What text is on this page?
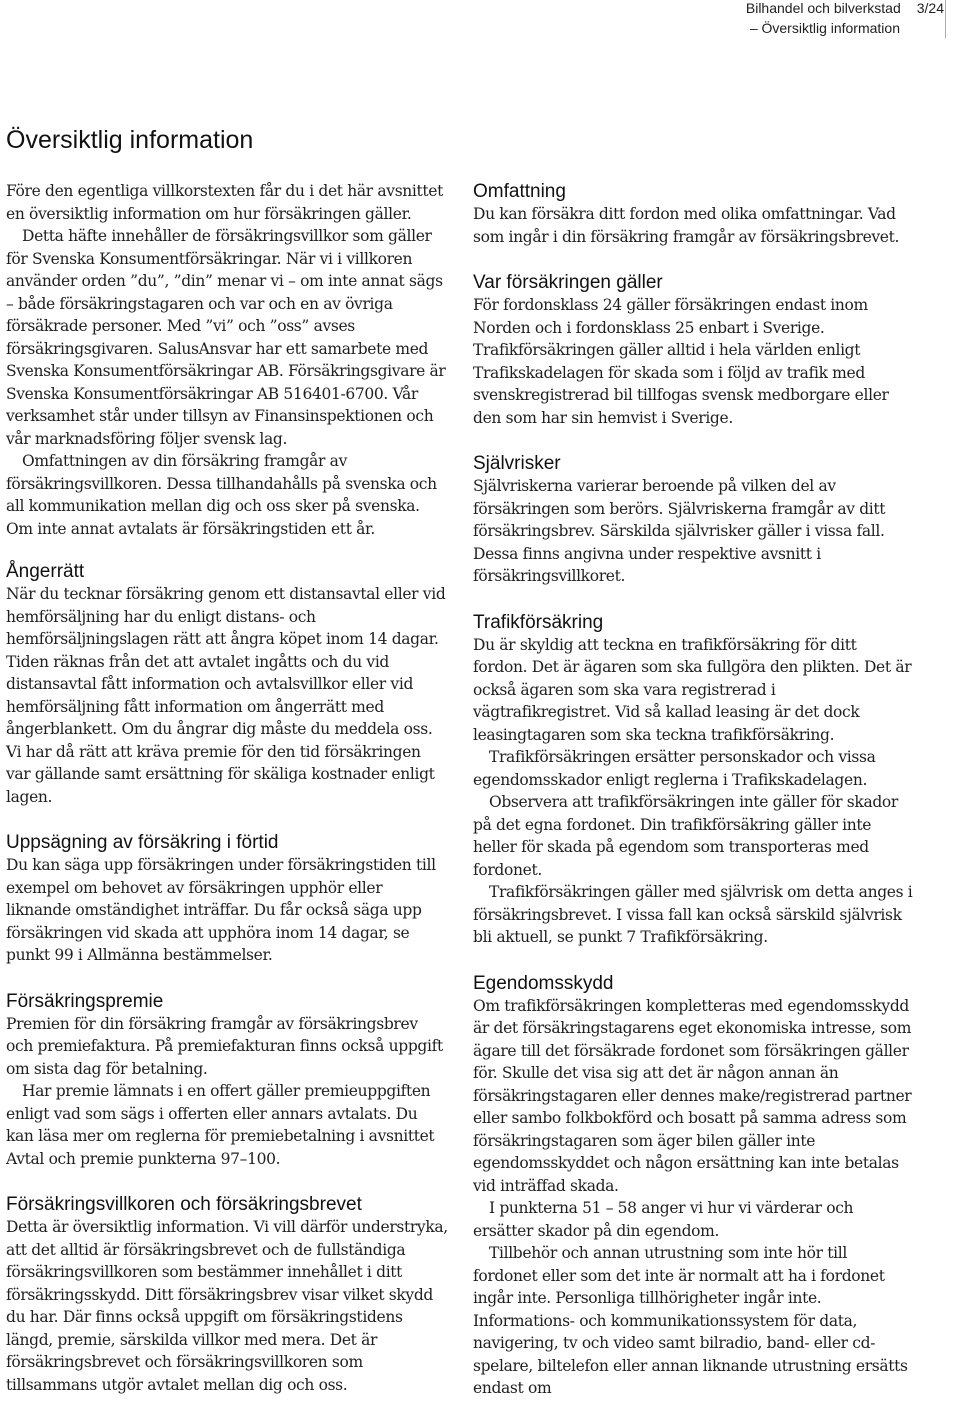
Bilhandel och bilverkstad 3/24
– Översiktlig information
Översiktlig information

Före den egentliga villkorstexten får du i det här avsnittet en översiktlig information om hur försäkringen gäller.

Detta häfte innehåller de försäkringsvillkor som gäller för Svenska Konsumentförsäkringar. När vi i villkoren använder orden ”du”, ”din” menar vi – om inte annat sägs – både försäkringstagaren och var och en av övriga försäkrade personer. Med ”vi” och ”oss” avses försäkringsgivaren. SalusAnsvar har ett samarbete med Svenska Konsumentförsäkringar AB. Försäkringsgivare är Svenska Konsumentförsäkringar AB 516401-6700. Vår verksamhet står under tillsyn av Finansinspektionen och vår marknadsföring följer svensk lag.

Omfattningen av din försäkring framgår av försäkringsvillkoren. Dessa tillhandahålls på svenska och all kommunikation mellan dig och oss sker på svenska. Om inte annat avtalats är försäkringstiden ett år.

Ångerrätt

När du tecknar försäkring genom ett distansavtal eller vid hemförsäljning har du enligt distans- och hemförsäljningslagen rätt att ångra köpet inom 14 dagar. Tiden räknas från det att avtalet ingåtts och du vid distansavtal fått information och avtalsvillkor eller vid hemförsäljning fått information om ångerrätt med ångerblankett. Om du ångrar dig måste du meddela oss. Vi har då rätt att kräva premie för den tid försäkringen var gällande samt ersättning för skäliga kostnader enligt lagen.

Uppsägning av försäkring i förtid

Du kan säga upp försäkringen under försäkringstiden till exempel om behovet av försäkringen upphör eller liknande omständighet inträffar. Du får också säga upp försäkringen vid skada att upphöra inom 14 dagar, se punkt 99 i Allmänna bestämmelser.

Försäkringspremie

Premien för din försäkring framgår av försäkringsbrev och premiefaktura. På premiefakturan finns också uppgift om sista dag för betalning.

Har premie lämnats i en offert gäller premieuppgiften enligt vad som sägs i offerten eller annars avtalats. Du kan läsa mer om reglerna för premiebetalning i avsnittet Avtal och premie punkterna 97–100.

Försäkringsvillkoren och försäkringsbrevet

Detta är översiktlig information. Vi vill därför understryka, att det alltid är försäkringsbrevet och de fullständiga försäkringsvillkoren som bestämmer innehållet i ditt försäkringsskydd. Ditt försäkringsbrev visar vilket skydd du har. Där finns också uppgift om försäkringstidens längd, premie, särskilda villkor med mera. Det är försäkringsbrevet och försäkringsvillkoren som tillsammans utgör avtalet mellan dig och oss.

Omfattning

Du kan försäkra ditt fordon med olika omfattningar. Vad som ingår i din försäkring framgår av försäkringsbrevet.

Var försäkringen gäller

För fordonsklass 24 gäller försäkringen endast inom Norden och i fordonsklass 25 enbart i Sverige.

Trafikförsäkringen gäller alltid i hela världen enligt Trafikskadelagen för skada som i följd av trafik med svenskregistrerad bil tillfogas svensk medborgare eller den som har sin hemvist i Sverige.

Självrisker

Självriskerna varierar beroende på vilken del av försäkringen som berörs. Självriskerna framgår av ditt försäkringsbrev. Särskilda självrisker gäller i vissa fall. Dessa finns angivna under respektive avsnitt i försäkringsvillkoret.

Trafikförsäkring

Du är skyldig att teckna en trafikförsäkring för ditt fordon. Det är ägaren som ska fullgöra den plikten. Det är också ägaren som ska vara registrerad i vägtrafikregistret. Vid så kallad leasing är det dock leasingtagaren som ska teckna trafikförsäkring.

Trafikförsäkringen ersätter personskador och vissa egendomsskador enligt reglerna i Trafikskadelagen.

Observera att trafikförsäkringen inte gäller för skador på det egna fordonet. Din trafikförsäkring gäller inte heller för skada på egendom som transporteras med fordonet.

Trafikförsäkringen gäller med självrisk om detta anges i försäkringsbrevet. I vissa fall kan också särskild självrisk bli aktuell, se punkt 7 Trafikförsäkring.

Egendomsskydd

Om trafikförsäkringen kompletteras med egendomsskydd är det försäkringstagarens eget ekonomiska intresse, som ägare till det försäkrade fordonet som försäkringen gäller för. Skulle det visa sig att det är någon annan än försäkringstagaren eller dennes make/registrerad partner eller sambo folkbokförd och bosatt på samma adress som försäkringstagaren som äger bilen gäller inte egendomsskyddet och någon ersättning kan inte betalas vid inträffad skada.

I punkterna 51 – 58 anger vi hur vi värderar och ersätter skador på din egendom.

Tillbehör och annan utrustning som inte hör till fordonet eller som det inte är normalt att ha i fordonet ingår inte. Personliga tillhörigheter ingår inte. Informations- och kommunikationssystem för data, navigering, tv och video samt bilradio, band- eller cd-spelare, biltelefon eller annan liknande utrustning ersätts endast om
